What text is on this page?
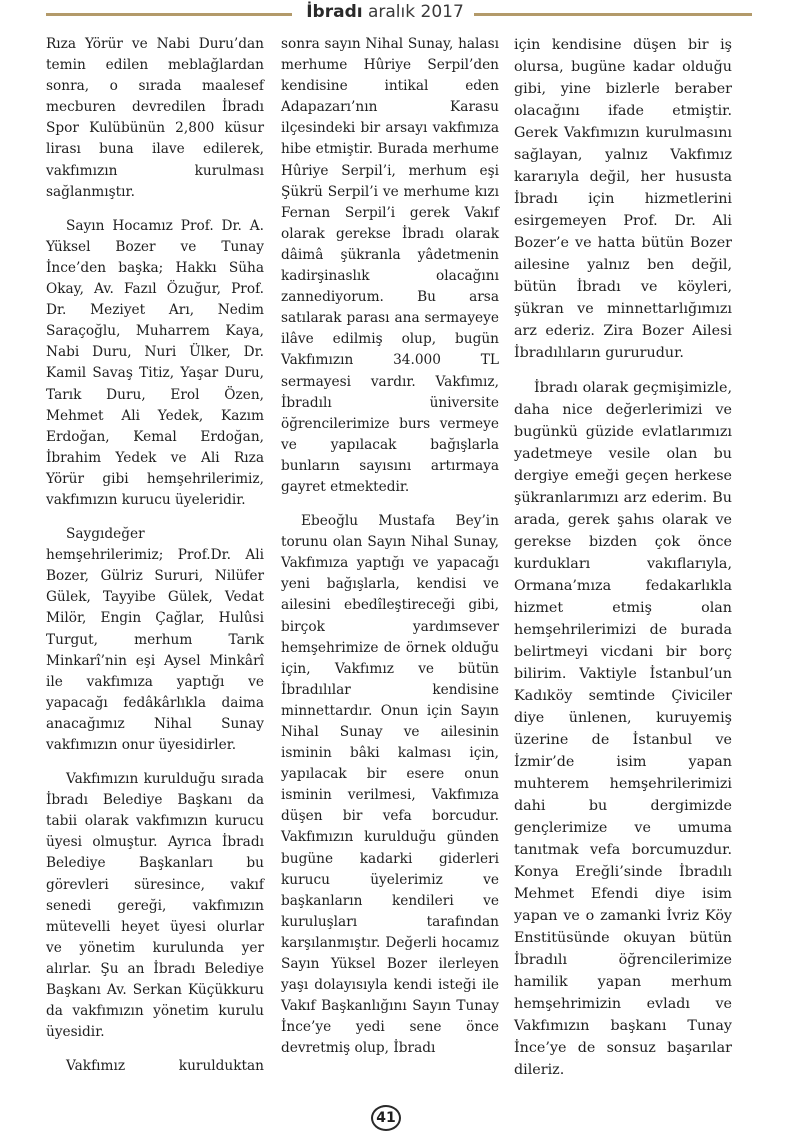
İbradı aralık 2017

Rıza Yörür ve Nabi Duru’dan temin edilen meblağlardan sonra, o sırada maalesef mecburen devredilen İbradı Spor Kulübünün 2,800 küsur lirası buna ilave edilerek, vakfımızın kurulması sağlanmıştır.

Sayın Hocamız Prof. Dr. A. Yüksel Bozer ve Tunay İnce’den başka; Hakkı Süha Okay, Av. Fazıl Özuğur, Prof. Dr. Meziyet Arı, Nedim Saraçoğlu, Muharrem Kaya, Nabi Duru, Nuri Ülker, Dr. Kamil Savaş Titiz, Yaşar Duru, Tarık Duru, Erol Özen, Mehmet Ali Yedek, Kazım Erdoğan, Kemal Erdoğan, İbrahim Yedek ve Ali Rıza Yörür gibi hemşehrilerimiz, vakfımızın kurucu üyeleridir.

Saygıdeğer hemşehrilerimiz; Prof.Dr. Ali Bozer, Gülriz Sururi, Nilüfer Gülek, Tayyibe Gülek, Vedat Milör, Engin Çağlar, Hulûsi Turgut, merhum Tarık Minkarî’nin eşi Aysel Minkârî ile vakfımıza yaptığı ve yapacağı fedâkârlıkla daima anacağımız Nihal Sunay vakfımızın onur üyesidirler.

Vakfımızın kurulduğu sırada İbradı Belediye Başkanı da tabii olarak vakfımızın kurucu üyesi olmuştur. Ayrıca İbradı Belediye Başkanları bu görevleri süresince, vakıf senedi gereği, vakfımızın mütevelli heyet üyesi olurlar ve yönetim kurulunda yer alırlar. Şu an İbradı Belediye Başkanı Av. Serkan Küçükkuru da vakfımızın yönetim kurulu üyesidir.

Vakfımız kurulduktan

sonra sayın Nihal Sunay, halası merhume Hûriye Serpil’den kendisine intikal eden Adapazarı’nın Karasu ilçesindeki bir arsayı vakfımıza hibe etmiştir. Burada merhume Hûriye Serpil’i, merhum eşi Şükrü Serpil’i ve merhume kızı Fernan Serpil’i gerek Vakıf olarak gerekse İbradı olarak dâimâ şükranla yâdetmenin kadirşinaslık olacağını zannediyorum. Bu arsa satılarak parası ana sermayeye ilâve edilmiş olup, bugün Vakfımızın 34.000 TL sermayesi vardır. Vakfımız, İbradılı üniversite öğrencilerimize burs vermeye ve yapılacak bağışlarla bunların sayısını artırmaya gayret etmektedir.

Ebeoğlu Mustafa Bey’in torunu olan Sayın Nihal Sunay, Vakfımıza yaptığı ve yapacağı yeni bağışlarla, kendisi ve ailesini ebedîleştireceği gibi, birçok yardımsever hemşehrimize de örnek olduğu için, Vakfımız ve bütün İbradılılar kendisine minnettardır. Onun için Sayın Nihal Sunay ve ailesinin isminin bâki kalması için, yapılacak bir esere onun isminin verilmesi, Vakfımıza düşen bir vefa borcudur. Vakfımızın kurulduğu günden bugüne kadarki giderleri kurucu üyelerimiz ve başkanların kendileri ve kuruluşları tarafından karşılanmıştır. Değerli hocamız Sayın Yüksel Bozer ilerleyen yaşı dolayısıyla kendi isteği ile Vakıf Başkanlığını Sayın Tunay İnce’ye yedi sene önce devretmiş olup, İbradı

için kendisine düşen bir iş olursa, bugüne kadar olduğu gibi, yine bizlerle beraber olacağını ifade etmiştir. Gerek Vakfımızın kurulmasını sağlayan, yalnız Vakfımız kararıyla değil, her hususta İbradı için hizmetlerini esirgemeyen Prof. Dr. Ali Bozer’e ve hatta bütün Bozer ailesine yalnız ben değil, bütün İbradı ve köyleri, şükran ve minnettarlığımızı arz ederiz. Zira Bozer Ailesi İbradılıların gururudur.

İbradı olarak geçmişimizle, daha nice değerlerimizi ve bugünkü güzide evlatlarımızı yadetmeye vesile olan bu dergiye emeği geçen herkese şükranlarımızı arz ederim. Bu arada, gerek şahıs olarak ve gerekse bizden çok önce kurdukları vakıflarıyla, Ormana’mıza fedakarlıkla hizmet etmiş olan hemşehrilerimizi de burada belirtmeyi vicdani bir borç bilirim. Vaktiyle İstanbul’un Kadıköy semtinde Çiviciler diye ünlenen, kuruyemiş üzerine de İstanbul ve İzmir’de isim yapan muhterem hemşehrilerimizi dahi bu dergimizde gençlerimize ve umuma tanıtmak vefa borcumuzdur. Konya Ereğli’sinde İbradılı Mehmet Efendi diye isim yapan ve o zamanki İvriz Köy Enstitüsünde okuyan bütün İbradılı öğrencilerimize hamilik yapan merhum hemşehrimizin evladı ve Vakfımızın başkanı Tunay İnce’ye de sonsuz başarılar dileriz.

41
